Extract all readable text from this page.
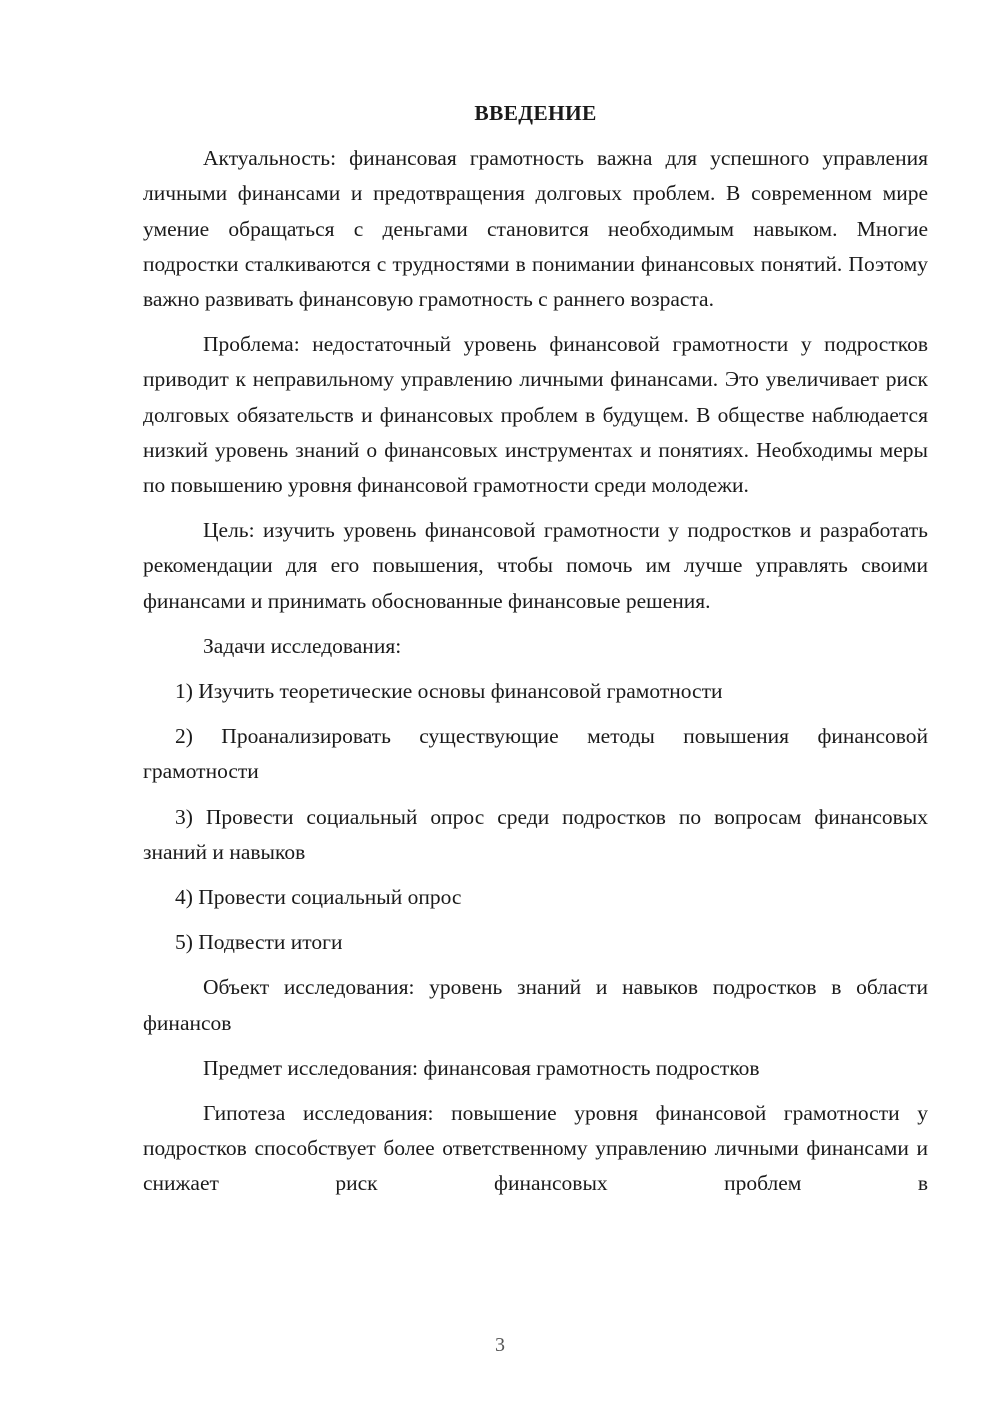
ВВЕДЕНИЕ

Актуальность: финансовая грамотность важна для успешного управления личными финансами и предотвращения долговых проблем. В современном мире умение обращаться с деньгами становится необходимым навыком. Многие подростки сталкиваются с трудностями в понимании финансовых понятий. Поэтому важно развивать финансовую грамотность с раннего возраста.

Проблема: недостаточный уровень финансовой грамотности у подростков приводит к неправильному управлению личными финансами. Это увеличивает риск долговых обязательств и финансовых проблем в будущем. В обществе наблюдается низкий уровень знаний о финансовых инструментах и понятиях. Необходимы меры по повышению уровня финансовой грамотности среди молодежи.

Цель: изучить уровень финансовой грамотности у подростков и разработать рекомендации для его повышения, чтобы помочь им лучше управлять своими финансами и принимать обоснованные финансовые решения.

Задачи исследования:

1) Изучить теоретические основы финансовой грамотности

2) Проанализировать существующие методы повышения финансовой грамотности

3) Провести социальный опрос среди подростков по вопросам финансовых знаний и навыков

4) Провести социальный опрос

5) Подвести итоги

Объект исследования: уровень знаний и навыков подростков в области финансов

Предмет исследования: финансовая грамотность подростков

Гипотеза исследования: повышение уровня финансовой грамотности у подростков способствует более ответственному управлению личными финансами и снижает риск финансовых проблем в

3
